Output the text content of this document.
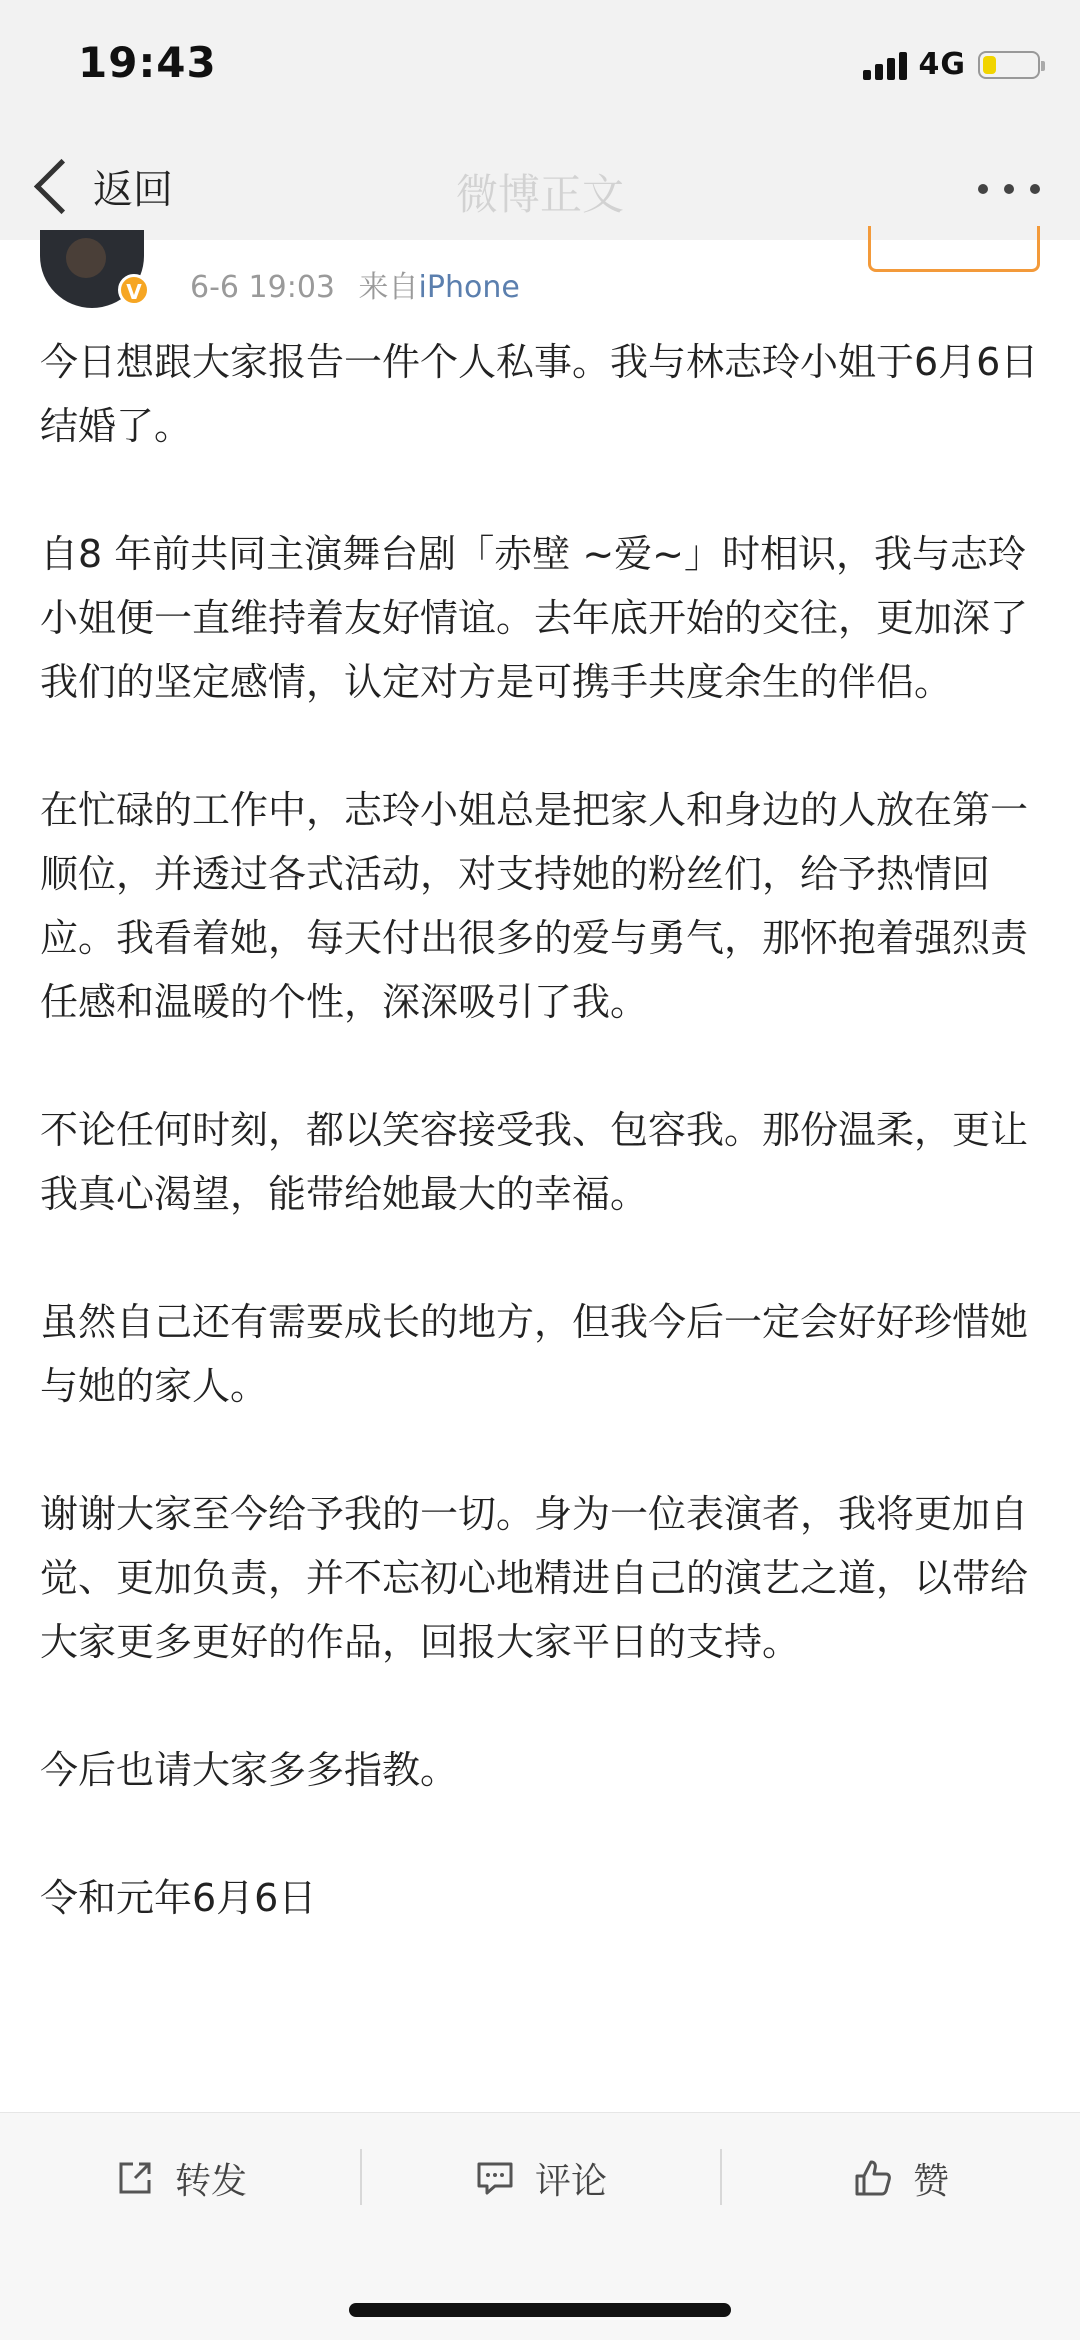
19:43	4G
返回	微博正文
V 6-6 19:03 来自iPhone

今日想跟大家报告一件个人私事。我与林志玲小姐于6月6日结婚了。

自8 年前共同主演舞台剧「赤壁 ~爱~」时相识，我与志玲小姐便一直维持着友好情谊。去年底开始的交往，更加深了我们的坚定感情，认定对方是可携手共度余生的伴侣。

在忙碌的工作中，志玲小姐总是把家人和身边的人放在第一顺位，并透过各式活动，对支持她的粉丝们，给予热情回应。我看着她，每天付出很多的爱与勇气，那怀抱着强烈责任感和温暖的个性，深深吸引了我。

不论任何时刻，都以笑容接受我、包容我。那份温柔，更让我真心渴望，能带给她最大的幸福。

虽然自己还有需要成长的地方，但我今后一定会好好珍惜她与她的家人。

谢谢大家至今给予我的一切。身为一位表演者，我将更加自觉、更加负责，并不忘初心地精进自己的演艺之道，以带给大家更多更好的作品，回报大家平日的支持。

今后也请大家多多指教。

令和元年6月6日

转发	评论	赞
